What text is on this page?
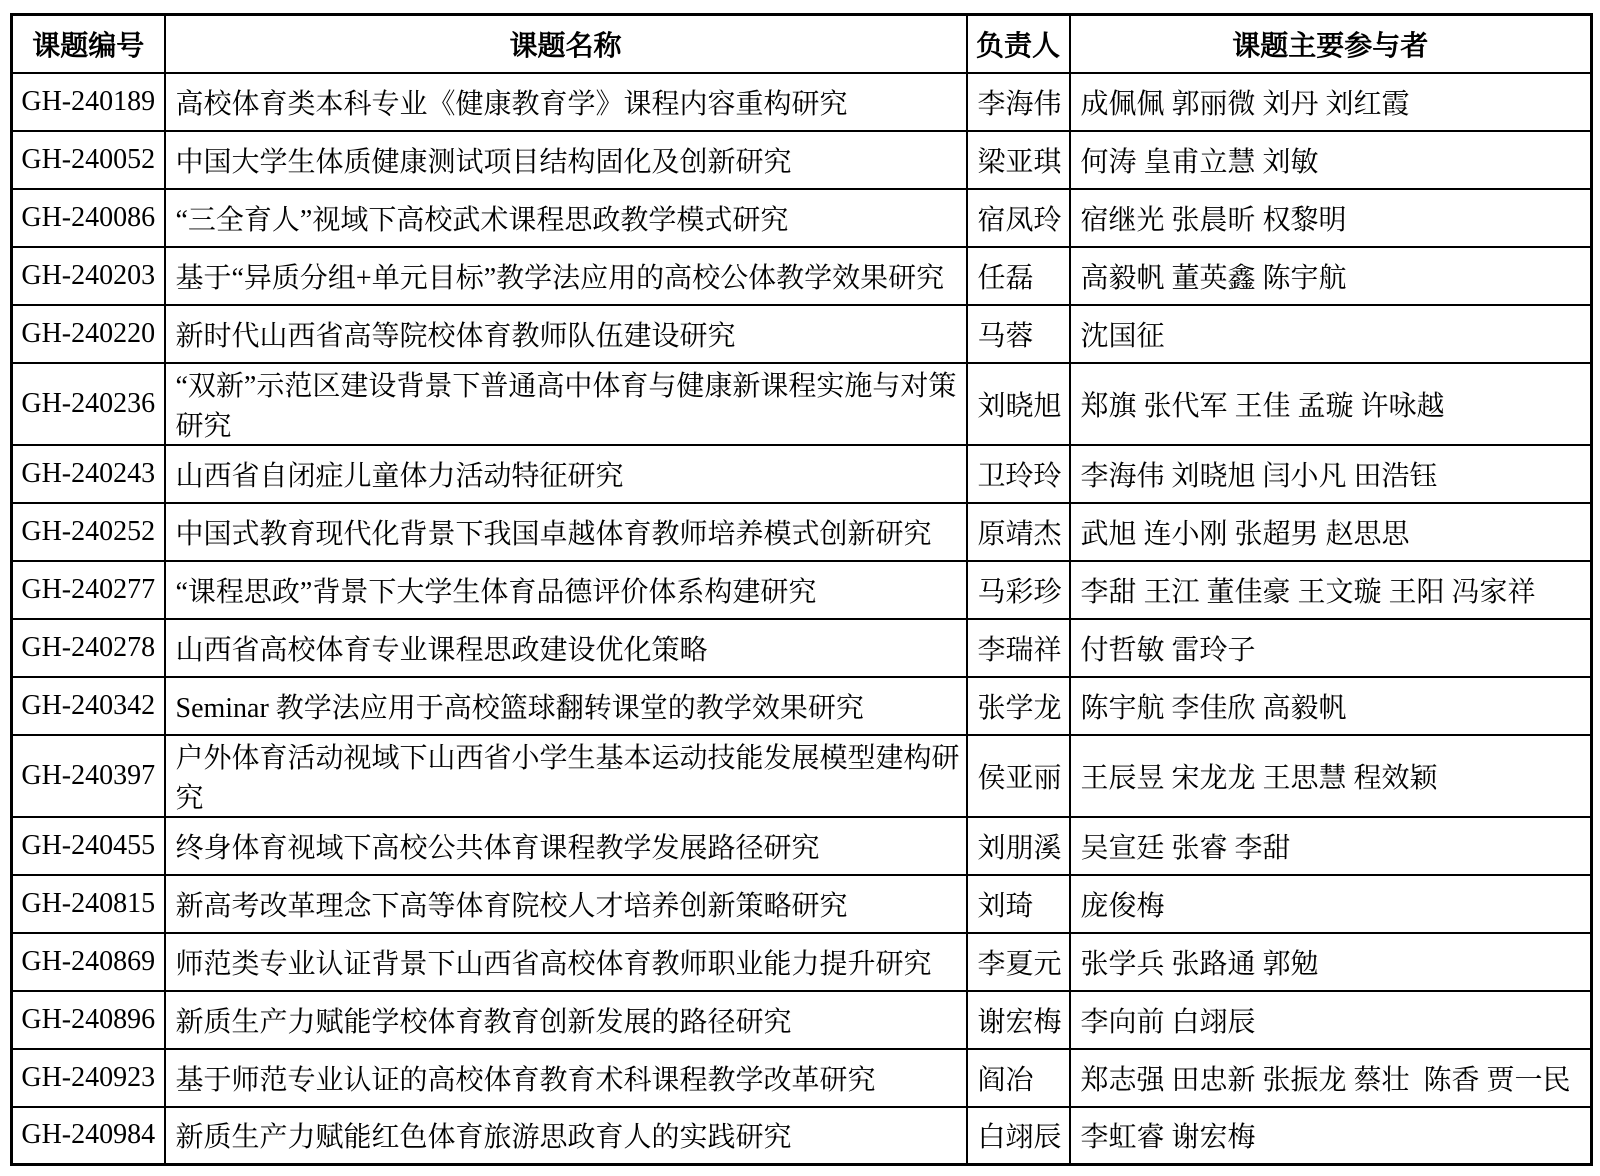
课题编号	课题名称	负责人	课题主要参与者
GH-240189	高校体育类本科专业《健康教育学》课程内容重构研究	李海伟	成佩佩 郭丽微 刘丹 刘红霞
GH-240052	中国大学生体质健康测试项目结构固化及创新研究	梁亚琪	何涛 皇甫立慧 刘敏
GH-240086	“三全育人”视域下高校武术课程思政教学模式研究	宿凤玲	宿继光 张晨昕 权黎明
GH-240203	基于“异质分组+单元目标”教学法应用的高校公体教学效果研究	任磊	高毅帆 董英鑫 陈宇航
GH-240220	新时代山西省高等院校体育教师队伍建设研究	马蓉	沈国征
GH-240236	“双新”示范区建设背景下普通高中体育与健康新课程实施与对策研究	刘晓旭	郑旗 张代军 王佳 孟璇 许咏越
GH-240243	山西省自闭症儿童体力活动特征研究	卫玲玲	李海伟 刘晓旭 闫小凡 田浩钰
GH-240252	中国式教育现代化背景下我国卓越体育教师培养模式创新研究	原靖杰	武旭 连小刚 张超男 赵思思
GH-240277	“课程思政”背景下大学生体育品德评价体系构建研究	马彩珍	李甜 王江 董佳豪 王文璇 王阳 冯家祥
GH-240278	山西省高校体育专业课程思政建设优化策略	李瑞祥	付哲敏 雷玲子
GH-240342	Seminar 教学法应用于高校篮球翻转课堂的教学效果研究	张学龙	陈宇航 李佳欣 高毅帆
GH-240397	户外体育活动视域下山西省小学生基本运动技能发展模型建构研究	侯亚丽	王辰昱 宋龙龙 王思慧 程效颖
GH-240455	终身体育视域下高校公共体育课程教学发展路径研究	刘朋溪	吴宣廷 张睿 李甜
GH-240815	新高考改革理念下高等体育院校人才培养创新策略研究	刘琦	庞俊梅
GH-240869	师范类专业认证背景下山西省高校体育教师职业能力提升研究	李夏元	张学兵 张路通 郭勉
GH-240896	新质生产力赋能学校体育教育创新发展的路径研究	谢宏梅	李向前 白翊辰
GH-240923	基于师范专业认证的高校体育教育术科课程教学改革研究	阎冶	郑志强 田忠新 张振龙 蔡壮  陈香 贾一民
GH-240984	新质生产力赋能红色体育旅游思政育人的实践研究	白翊辰	李虹睿 谢宏梅
